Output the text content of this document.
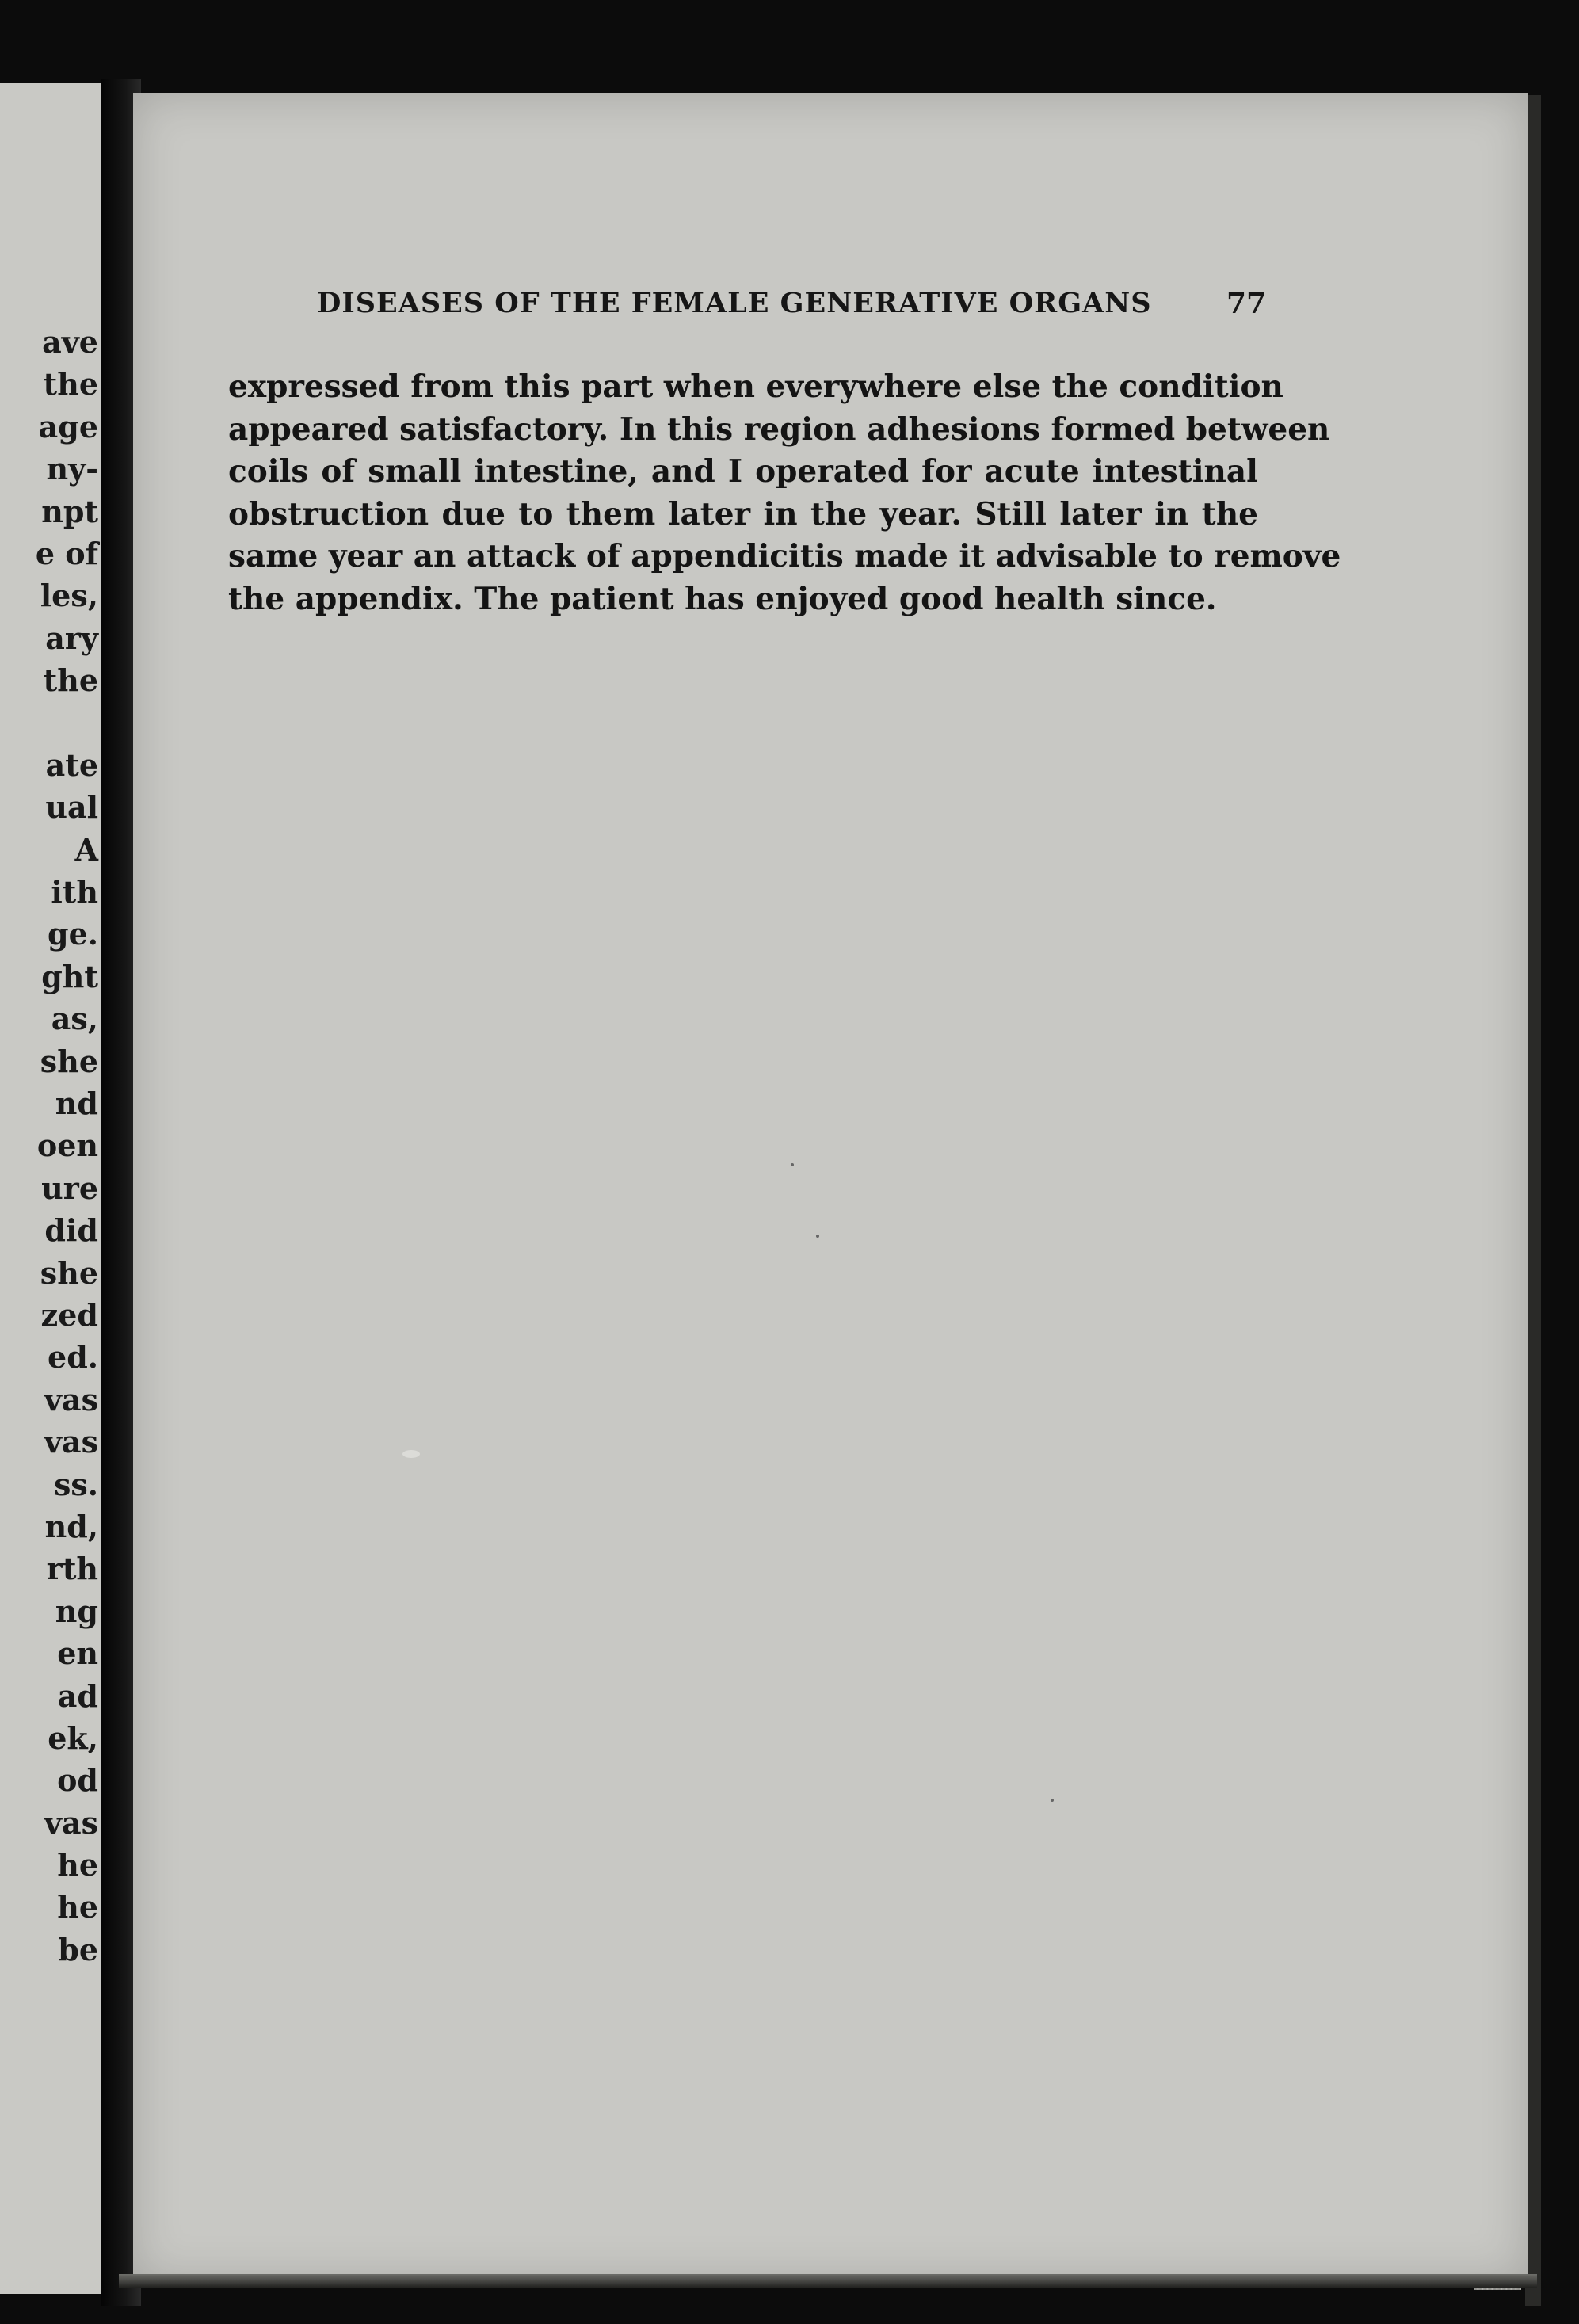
ave
the
age
ny-
npt
e of
les,
ary
the
ate
ual
A
ith
ge.
ght
as,
she
nd
oen
ure
did
she
zed
ed.
vas
vas
ss.
nd,
rth
ng
en
ad
ek,
od
vas
he
he
be
DISEASES OF THE FEMALE GENERATIVE ORGANS	77
expressed from this part when everywhere else the condition
appeared satisfactory. In this region adhesions formed between
coils of small intestine, and I operated for acute intestinal
obstruction due to them later in the year. Still later in the
same year an attack of appendicitis made it advisable to remove
the appendix. The patient has enjoyed good health since.
